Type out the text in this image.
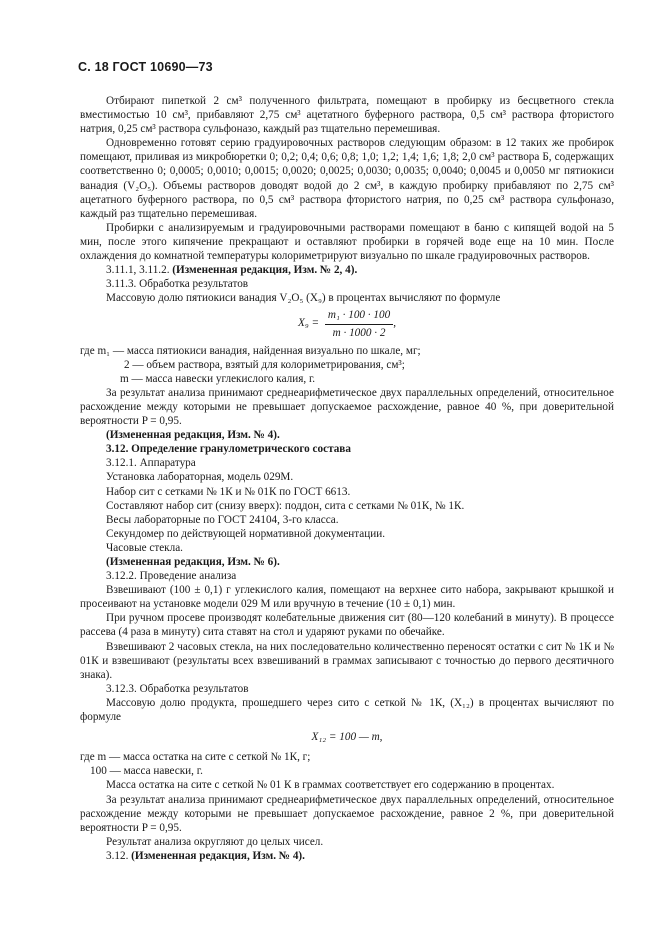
С. 18 ГОСТ 10690—73

Отбирают пипеткой 2 см³ полученного фильтрата, помещают в пробирку из бесцветного стекла вместимостью 10 см³, прибавляют 2,75 см³ ацетатного буферного раствора, 0,5 см³ раствора фтористого натрия, 0,25 см³ раствора сульфоназо, каждый раз тщательно перемешивая.

Одновременно готовят серию градуировочных растворов следующим образом: в 12 таких же пробирок помещают, приливая из микробюретки 0; 0,2; 0,4; 0,6; 0,8; 1,0; 1,2; 1,4; 1,6; 1,8; 2,0 см³ раствора Б, содержащих соответственно 0; 0,0005; 0,0010; 0,0015; 0,0020; 0,0025; 0,0030; 0,0035; 0,0040; 0,0045 и 0,0050 мг пятиокиси ванадия (V₂O₅). Объемы растворов доводят водой до 2 см³, в каждую пробирку прибавляют по 2,75 см³ ацетатного буферного раствора, по 0,5 см³ раствора фтористого натрия, по 0,25 см³ раствора сульфоназо, каждый раз тщательно перемешивая.

Пробирки с анализируемым и градуировочными растворами помещают в баню с кипящей водой на 5 мин, после этого кипячение прекращают и оставляют пробирки в горячей воде еще на 10 мин. После охлаждения до комнатной температуры колориметрируют визуально по шкале градуировочных растворов.

3.11.1, 3.11.2. (Измененная редакция, Изм. № 2, 4).

3.11.3. Обработка результатов

Массовую долю пятиокиси ванадия V₂O₅ (X₉) в процентах вычисляют по формуле

$X_9 = \frac{\text{m₁ · 100 · 100}}{m \cdot 1000 \cdot 2}$ ,

где m₁ — масса пятиокиси ванадия, найденная визуально по шкале, мг;

2 — объем раствора, взятый для колориметрирования, см³;

m — масса навески углекислого калия, г.

За результат анализа принимают среднеарифметическое двух параллельных определений, относительное расхождение между которыми не превышает допускаемое расхождение, равное 40 %, при доверительной вероятности P = 0,95.

(Измененная редакция, Изм. № 4).

3.12. Определение гранулометрического состава

3.12.1. Аппаратура

Установка лабораторная, модель 029М.

Набор сит с сетками № 1К и № 01К по ГОСТ 6613.

Составляют набор сит (снизу вверх): поддон, сита с сетками № 01К, № 1К.

Весы лабораторные по ГОСТ 24104, 3-го класса.

Секундомер по действующей нормативной документации.

Часовые стекла.

(Измененная редакция, Изм. № 6).

3.12.2. Проведение анализа

Взвешивают (100 ± 0,1) г углекислого калия, помещают на верхнее сито набора, закрывают крышкой и просеивают на установке модели 029 М или вручную в течение (10 ± 0,1) мин.

При ручном просеве производят колебательные движения сит (80—120 колебаний в минуту). В процессе рассева (4 раза в минуту) сита ставят на стол и ударяют руками по обечайке.

Взвешивают 2 часовых стекла, на них последовательно количественно переносят остатки с сит № 1К и № 01К и взвешивают (результаты всех взвешиваний в граммах записывают с точностью до первого десятичного знака).

3.12.3. Обработка результатов

Массовую долю продукта, прошедшего через сито с сеткой № 1К, (X₁₂) в процентах вычисляют по формуле

X₁₂ = 100 — m,

где m — масса остатка на сите с сеткой № 1К, г;

100 — масса навески, г.

Масса остатка на сите с сеткой № 01 К в граммах соответствует его содержанию в процентах.

За результат анализа принимают среднеарифметическое двух параллельных определений, относительное расхождение между которыми не превышает допускаемое расхождение, равное 2 %, при доверительной вероятности P = 0,95.

Результат анализа округляют до целых чисел.

3.12. (Измененная редакция, Изм. № 4).
